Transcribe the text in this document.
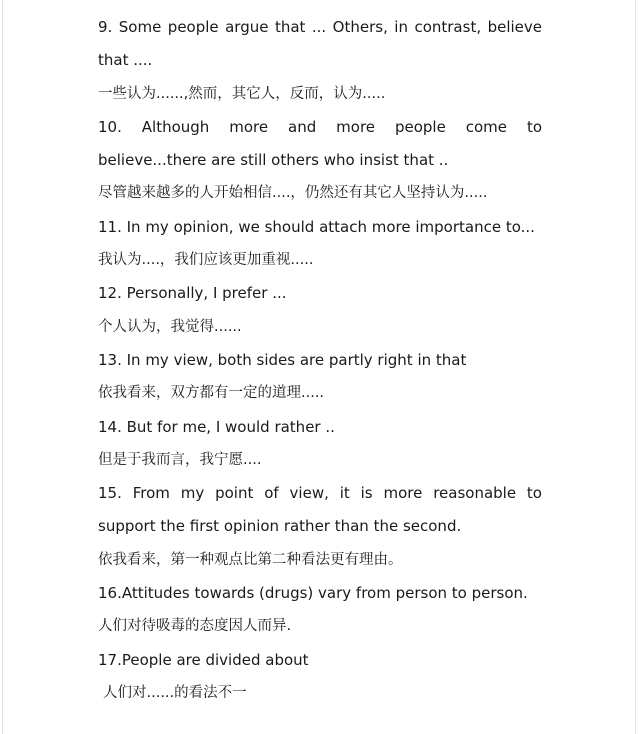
9. Some people argue that ... Others, in contrast, believe
that ....
一些认为......,然而，其它人，反而，认为.....
10. Although more and more people come to
believe...there are still others who insist that ..
尽管越来越多的人开始相信....，仍然还有其它人坚持认为.....
11. In my opinion, we should attach more importance to...
我认为....，我们应该更加重视.....
12. Personally, I prefer ...
个人认为，我觉得......
13. In my view, both sides are partly right in that
依我看来，双方都有一定的道理.....
14. But for me, I would rather ..
但是于我而言，我宁愿....
15. From my point of view, it is more reasonable to
support the first opinion rather than the second.
依我看来，第一种观点比第二种看法更有理由。
16.Attitudes towards (drugs) vary from person to person.
人们对待吸毒的态度因人而异.
17.People are divided about
人们对......的看法不一
